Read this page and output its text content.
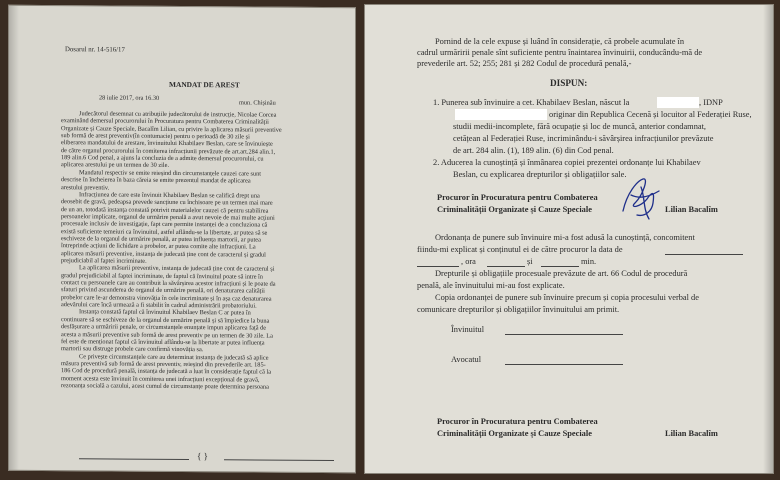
Dosarul nr. 14-516/17

MANDAT DE AREST

28 iulie 2017, ora 16.30

mun. Chișinău

Judecătorul desemnat cu atribuțiile judecătorului de instrucție, Nicolae Corcea

examinând demersul procurorului în Procuratura pentru Combaterea Criminalității

Organizate și Cauze Speciale, Bacalîm Lilian, cu privire la aplicarea măsurii preventive

sub formă de arest preventiv(în contumacie) pentru o perioadă de 30 zile și

eliberarea mandatului de arestare, învinuitului Khabilaev Beslan, care se învinuiește

de către organul procurorului în comiterea infracțiunii prevăzute de art.art.284 alin.1,

189 alin.6 Cod penal, a ajuns la concluzia de a admite demersul procurorului, cu

aplicarea arestului pe un termen de 30 zile.

Mandatul respectiv se emite reieșind din circumstanțele cauzei care sunt

descrise în încheierea în baza căreia se emite prezentul mandat de aplicarea

arestului preventiv.

Infracțiunea de care este învinuit Khabilaev Beslan se califică drept una

deosebit de gravă, pedeapsa prevede sancțiune cu închisoare pe un termen mai mare

de un an, totodată instanța constată potrivit materialelor cauzei că pentru stabilirea

persoanelor implicate, organul de urmărire penală a avut nevoie de mai multe acțiuni

procesuale inclusiv de investigație, fapt care permite instanței de a concluziona că

există suficiente temeiuri ca învinuitul, astfel aflându-se la libertate, ar putea să se

eschiveze de la organul de urmărire penală, ar putea influența martorii, ar putea

întreprinde acțiuni de lichidare a probelor, ar putea comite alte infracțiuni. La

aplicarea măsurii preventive, instanța de judecată ține cont de caracterul și gradul

prejudiciabil al faptei incriminate.

La aplicarea măsurii preventive, instanța de judecată ține cont de caracterul și

gradul prejudiciabil al faptei incriminate, de faptul că învinuitul poate să intre în

contact cu persoanele care au contribuit la săvârșirea acestor infracțiuni și le poate da

sfaturi privind ascunderea de organul de urmărire penală, ori denaturarea calității

probelor care le-ar demonstra vinovăția în cele incriminate și în așa caz denaturarea

adevărului care încă urmează a fi stabilit în cadrul administrării probatoriului.

Instanța constată faptul că învinuitul Khabilaev Beslan C ar putea în

continuare să se eschiveze de la organul de urmărire penală și să împiedice la buna

desfășurare a urmăririi penale, or circumstanțele enunțate impun aplicarea față de

acesta a măsurii preventive sub formă de arest preventiv pe un termen de 30 zile. La

fel este de menționat faptul că învinuitul aflându-se la libertate ar putea influența

martorii sau distruge probele care confirmă vinovăția sa.

Ce privește circumstanțele care au determinat instanța de judecată să aplice

măsura preventivă sub formă de arest preventiv, reieșind din prevederile art. 185-

186 Cod de procedură penală, instanța de judecată a luat în considerație faptul că la

moment acesta este învinuit în comiterea unei infracțiuni excepțional de gravă,

rezonanța socială a cazului, acest cumul de circumstanțe poate determina persoana

{ }

Pornind de la cele expuse și luând în considerație, că probele acumulate în

cadrul urmăririi penale sînt suficiente pentru înaintarea învinuirii, conducându-mă de

prevederile art. 52; 255; 281 și 282 Codul de procedură penală,-

DISPUN:

1. Punerea sub învinuire a cet. Khabilaev Beslan, născut la	, IDNP

originar din Republica Cecenă și locuitor al Federației Ruse,

studii medii-incomplete, fără ocupație și loc de muncă, anterior condamnat,

cetățean al Federației Ruse, incriminându-i săvârșirea infracțiunilor prevăzute

de art. 284 alin. (1), 189 alin. (6) din Cod penal.

2. Aducerea la cunoștință și înmânarea copiei prezentei ordonanțe lui Khabilaev

Beslan, cu explicarea drepturilor și obligațiilor sale.

Procuror în Procuratura pentru Combaterea

Criminalității Organizate și Cauze Speciale	Lilian Bacalîm

Ordonanța de punere sub învinuire mi-a fost adusă la cunoștință, concomitent

fiindu-mi explicat și conținutul ei de către procuror la data de

, ora	și	min.

Drepturile și obligațiile procesuale prevăzute de art. 66 Codul de procedură

penală, ale învinuitului mi-au fost explicate.

Copia ordonanței de punere sub învinuire precum și copia procesului verbal de

comunicare drepturilor și obligațiilor învinuitului am primit.

Învinuitul

Avocatul

Procuror în Procuratura pentru Combaterea

Criminalității Organizate și Cauze Speciale	Lilian Bacalîm
